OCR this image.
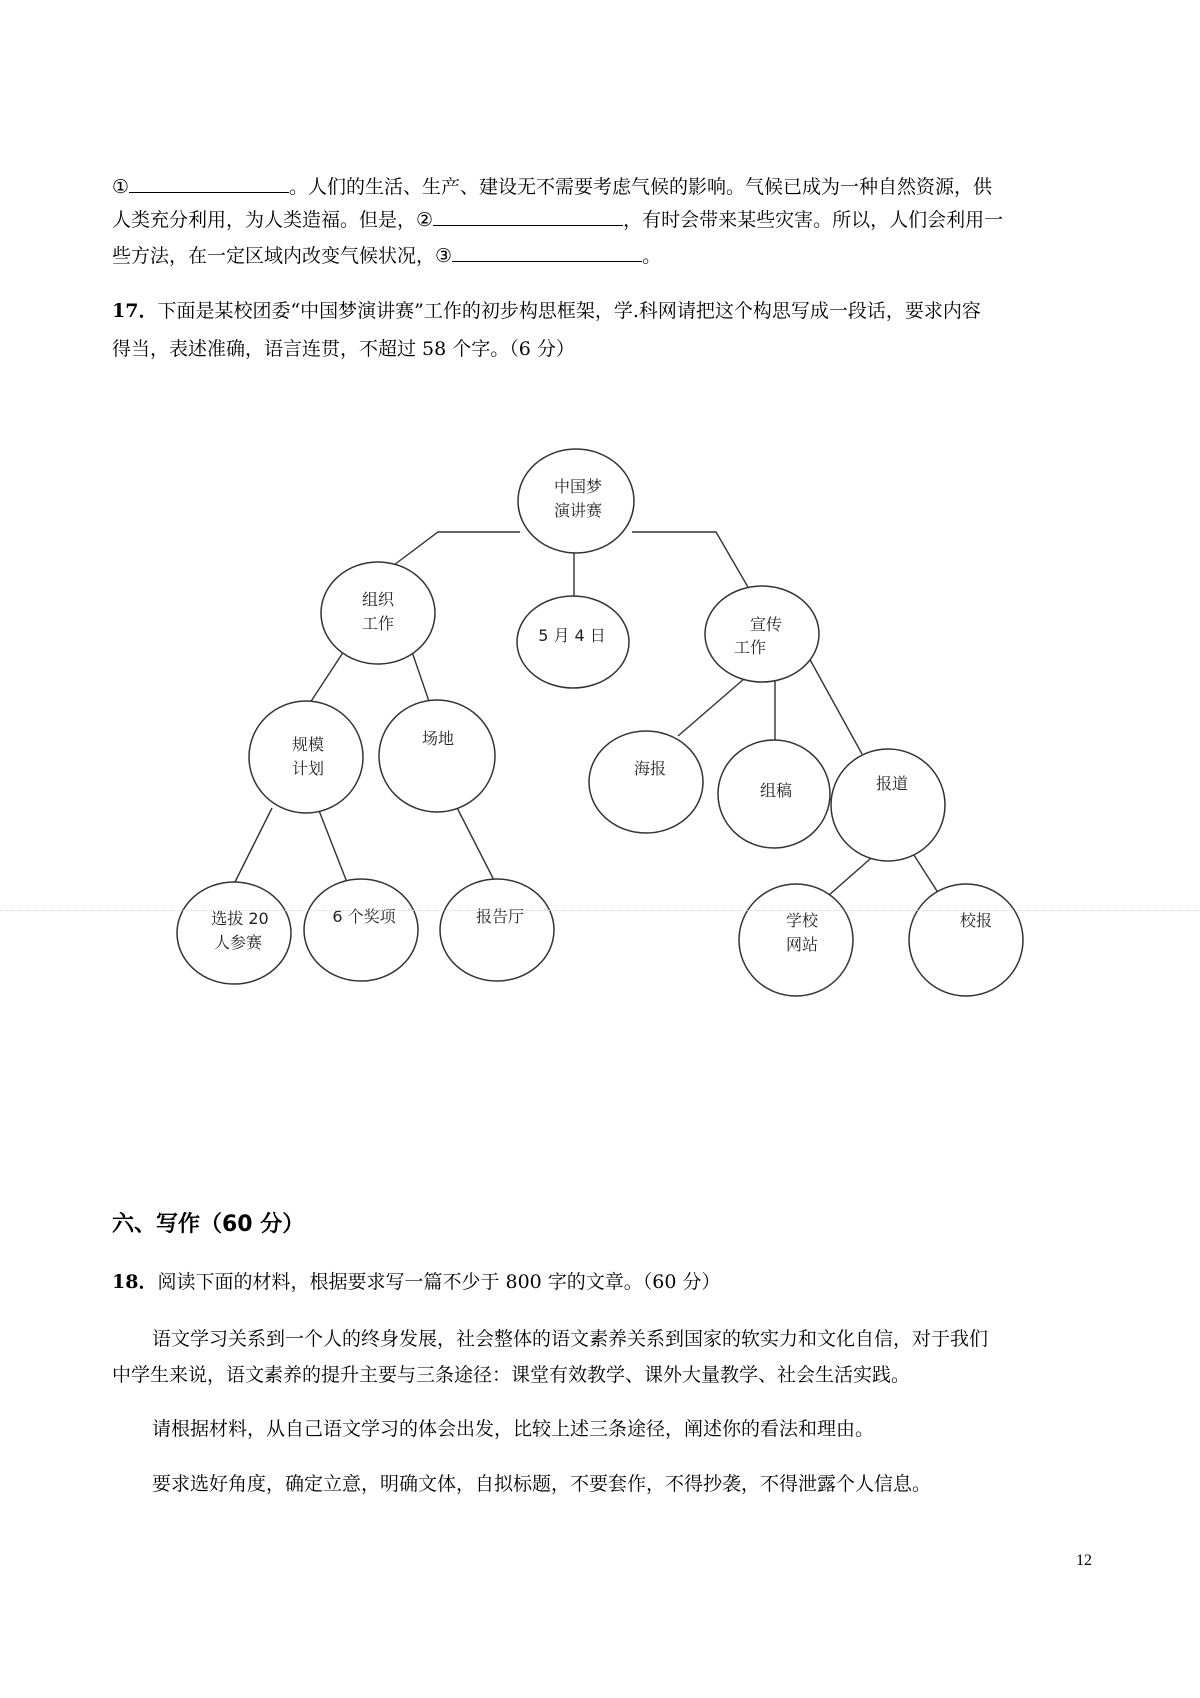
①	。人们的生活、生产、建设无不需要考虑气候的影响。气候已成为一种自然资源，供
人类充分利用，为人类造福。但是，②	，有时会带来某些灾害。所以，人们会利用一
些方法，在一定区域内改变气候状况，③	。
17．下面是某校团委“中国梦演讲赛”工作的初步构思框架，学.科网请把这个构思写成一段话，要求内容
得当，表述准确，语言连贯，不超过 58 个字。（6 分）
中国梦
演讲赛
组织
工作
5 月 4 日
宣传
工作
规模
计划
场地
海报
组稿	报道
选拔 20
人参赛
6 个奖项	报告厅	学校
网站
校报
六、写作（60 分）
18．阅读下面的材料，根据要求写一篇不少于 800 字的文章。（60 分）
语文学习关系到一个人的终身发展，社会整体的语文素养关系到国家的软实力和文化自信，对于我们
中学生来说，语文素养的提升主要与三条途径：课堂有效教学、课外大量教学、社会生活实践。
请根据材料，从自己语文学习的体会出发，比较上述三条途径，阐述你的看法和理由。
要求选好角度，确定立意，明确文体，自拟标题，不要套作，不得抄袭，不得泄露个人信息。
12
